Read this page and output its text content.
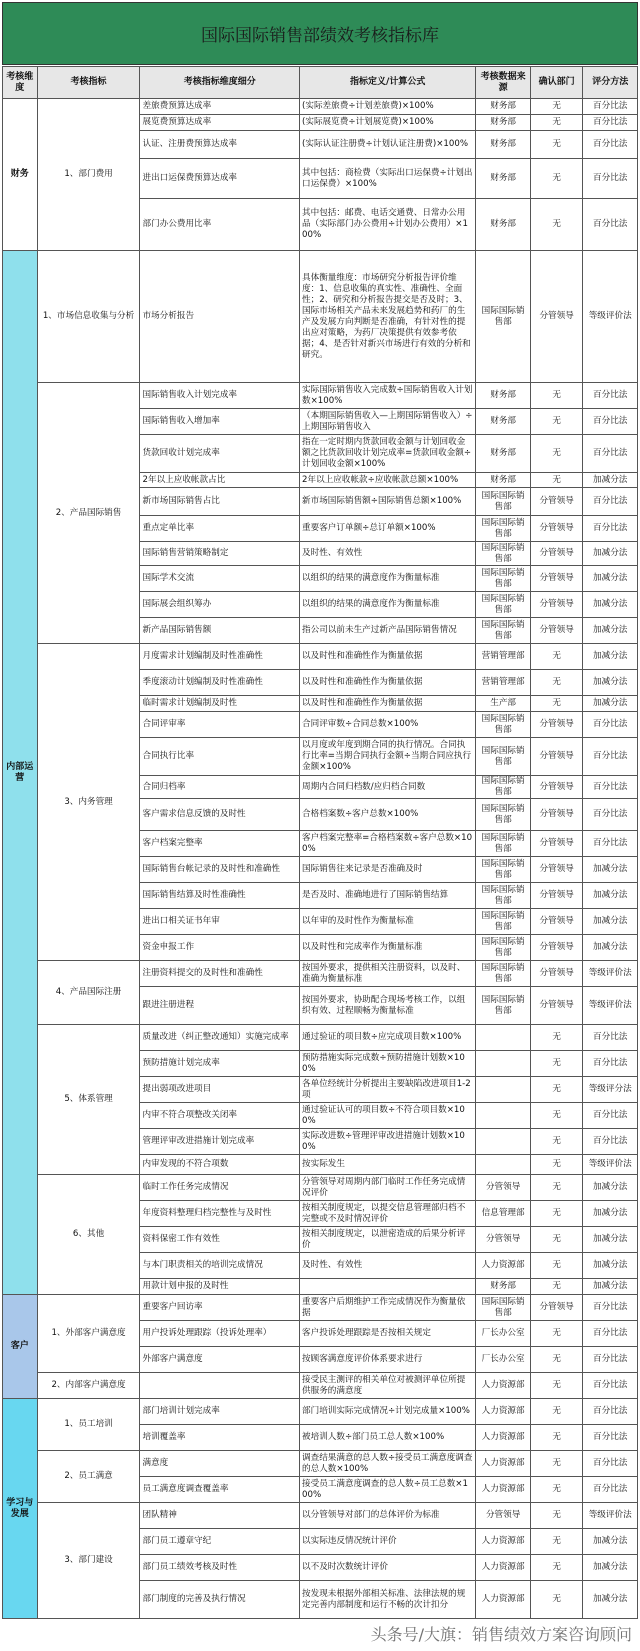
国际国际销售部绩效考核指标库
考核维度	考核指标	考核指标维度细分	指标定义/计算公式	考核数据来源	确认部门	评分方法
财务	1、部门费用	差旅费预算达成率	(实际差旅费÷计划差旅费)×100%	财务部	无	百分比法
		展览费预算达成率	(实际展览费÷计划展览费)×100%	财务部	无	百分比法
		认证、注册费预算达成率	(实际认证注册费÷计划认证注册费)×100%	财务部	无	百分比法
		进出口运保费预算达成率	其中包括：商检费（实际出口运保费÷计划出口运保费）×100%	财务部	无	百分比法
		部门办公费用比率	其中包括：邮费、电话交通费、日常办公用品（实际部门办公费用÷计划办公费用）×100%	财务部	无	百分比法
内部运营	1、市场信息收集与分析	市场分析报告	具体衡量维度：市场研究分析报告评价维度：1、信息收集的真实性、准确性、全面性；2、研究和分析报告提交是否及时；3、国际市场相关产品未来发展趋势和药厂的生产及发展方向判断是否准确，有针对性的提出应对策略，为药厂决策提供有效参考依据；4、是否针对新兴市场进行有效的分析和研究。	国际国际销售部	分管领导	等级评价法
	2、产品国际销售	国际销售收入计划完成率	实际国际销售收入完成数÷国际销售收入计划数×100%	财务部	无	百分比法
		国际销售收入增加率	（本期国际销售收入—上期国际销售收入）÷上期国际销售收入	财务部	无	百分比法
		货款回收计划完成率	指在一定时期内货款回收金额与计划回收金额之比货款回收计划完成率=货款回收金额÷计划回收金额×100%	财务部	无	百分比法
		2年以上应收帐款占比	2年以上应收帐款÷应收帐款总额×100%	财务部	无	加减分法
		新市场国际销售占比	新市场国际销售额÷国际销售总额×100%	国际国际销售部	分管领导	百分比法
		重点定单比率	重要客户订单额÷总订单额×100%	国际国际销售部	分管领导	百分比法
		国际销售营销策略制定	及时性、有效性	国际国际销售部	分管领导	加减分法
		国际学术交流	以组织的结果的满意度作为衡量标准	国际国际销售部	分管领导	加减分法
		国际展会组织筹办	以组织的结果的满意度作为衡量标准	国际国际销售部	分管领导	加减分法
		新产品国际销售额	指公司以前未生产过新产品国际销售情况	国际国际销售部	分管领导	加减分法
	3、内务管理	月度需求计划编制及时性准确性	以及时性和准确性作为衡量依据	营销管理部	无	加减分法
		季度滚动计划编制及时性准确性	以及时性和准确性作为衡量依据	营销管理部	无	加减分法
		临时需求计划编制及时性	以及时性和准确性作为衡量依据	生产部	无	加减分法
		合同评审率	合同评审数÷合同总数×100%	国际国际销售部	分管领导	百分比法
		合同执行比率	以月度或年度到期合同的执行情况。合同执行比率=当期合同执行金额÷当期合同应执行金额×100%	国际国际销售部	分管领导	百分比法
		合同归档率	周期内合同归档数/应归档合同数	国际国际销售部	分管领导	百分比法
		客户需求信息反馈的及时性	合格档案数÷客户总数×100%	国际国际销售部	分管领导	百分比法
		客户档案完整率	客户档案完整率=合格档案数÷客户总数×100%	国际国际销售部	分管领导	百分比法
		国际销售台帐记录的及时性和准确性	国际销售往来记录是否准确及时	国际国际销售部	分管领导	加减分法
		国际销售结算及时性准确性	是否及时、准确地进行了国际销售结算	国际国际销售部	分管领导	加减分法
		进出口相关证书年审	以年审的及时性作为衡量标准	国际国际销售部	分管领导	加减分法
		资金申报工作	以及时性和完成率作为衡量标准	国际国际销售部	分管领导	加减分法
	4、产品国际注册	注册资料提交的及时性和准确性	按国外要求，提供相关注册资料，以及时、准确为衡量标准	国际国际销售部	分管领导	等级评价法
		跟进注册进程	按国外要求，协助配合现场考核工作，以组织有效、过程顺畅为衡量标准	国际国际销售部	分管领导	等级评价法
	5、体系管理	质量改进（纠正整改通知）实施完成率	通过验证的项目数÷应完成项目数×100%		无	百分比法
		预防措施计划完成率	预防措施实际完成数÷预防措施计划数×100%		无	百分比法
		提出弱项改进项目	各单位经统计分析提出主要缺陷改进项目1-2项		无	等级评分法
		内审不符合项整改关闭率	通过验证认可的项目数÷不符合项目数×100%		无	百分比法
		管理评审改进措施计划完成率	实际改进数÷管理评审改进措施计划数×100%		无	百分比法
		内审发现的不符合项数	按实际发生		无	等级评价法
	6、其他	临时工作任务完成情况	分管领导对周期内部门临时工作任务完成情况评价	分管领导	无	加减分法
		年度资料整理归档完整性与及时性	按相关制度规定，以提交信息管理部归档不完整或不及时情况评价	信息管理部	无	加减分法
		资料保密工作有效性	按相关制度规定，以泄密造成的后果分析评价	分管领导	无	加减分法
		与本门职责相关的培训完成情况	及时性、有效性	人力资源部	无	加减分法
		用款计划申报的及时性		财务部	无	加减分法
客户	1、外部客户满意度	重要客户回访率	重要客户后期维护工作完成情况作为衡量依据	国际国际销售部	分管领导	百分比法
		用户投诉处理跟踪（投诉处理率）	客户投诉处理跟踪是否按相关规定	厂长办公室	无	百分比法
		外部客户满意度	按顾客满意度评价体系要求进行	厂长办公室	无	百分比法
	2、内部客户满意度		接受民主测评的相关单位对被测评单位所提供服务的满意度	人力资源部	无	百分比法
学习与发展	1、员工培训	部门培训计划完成率	部门培训实际完成情况÷计划完成量×100%	人力资源部	无	百分比法
		培训覆盖率	被培训人数÷部门员工总人数×100%	人力资源部	无	百分比法
	2、员工满意	满意度	调查结果满意的总人数÷接受员工满意度调查的总人数×100%	人力资源部	无	百分比法
		员工满意度调查覆盖率	接受员工满意度调查的总人数÷员工总数×100%	人力资源部	无	百分比法
	3、部门建设	团队精神	以分管领导对部门的总体评价为标准	分管领导	无	等级评价法
		部门员工遵章守纪	以实际违反情况统计评价	人力资源部	无	加减分法
		部门员工绩效考核及时性	以不及时次数统计评价	人力资源部	无	加减分法
		部门制度的完善及执行情况	按发现未根据外部相关标准、法律法规的规定完善内部制度和运行不畅的次计扣分	人力资源部	无	加减分法
头条号/大旗：销售绩效方案咨询顾问
